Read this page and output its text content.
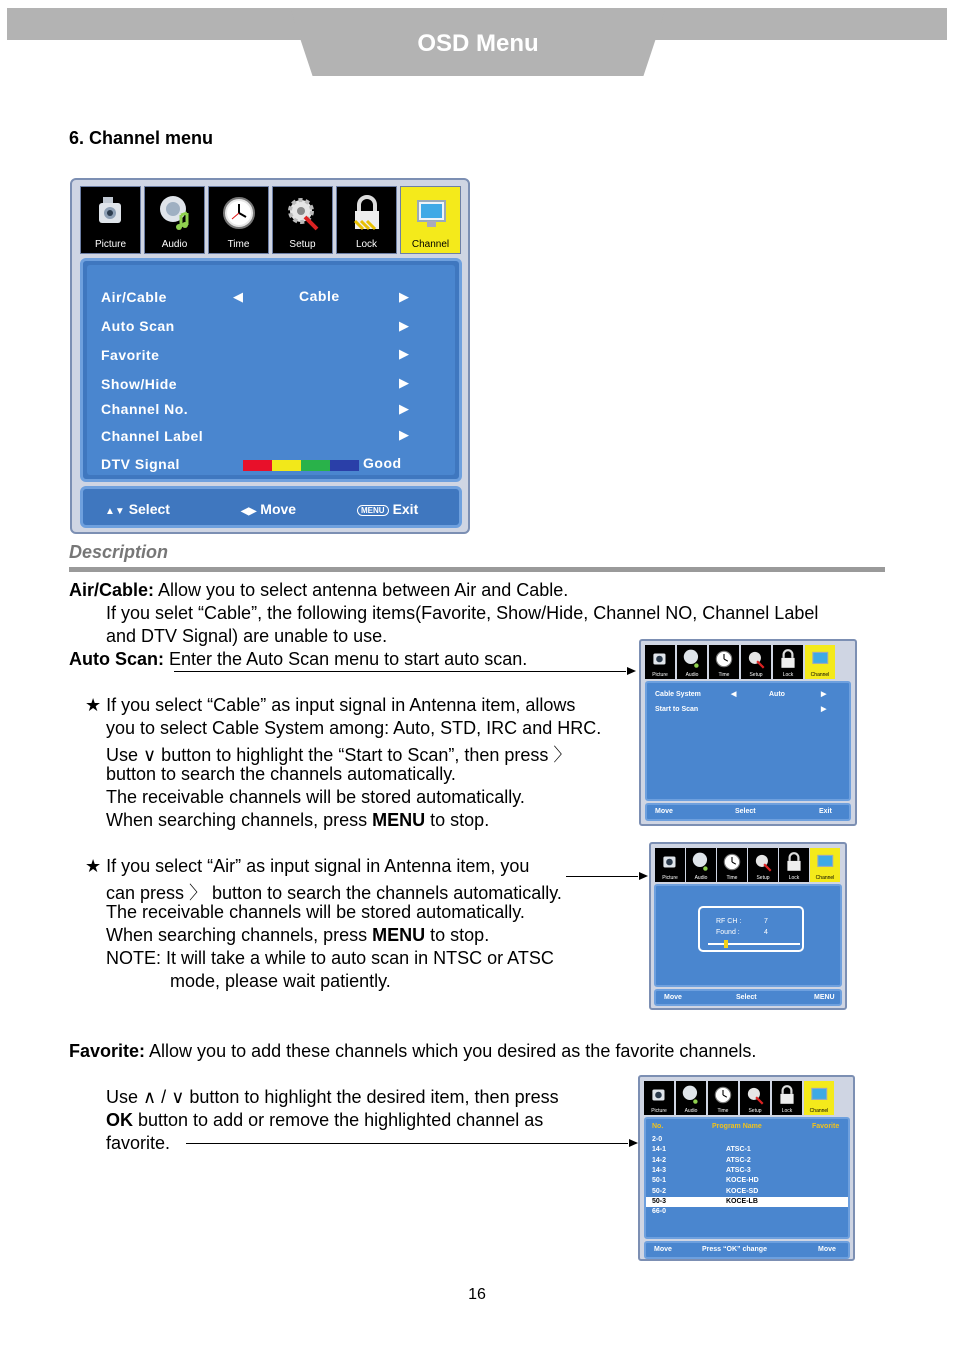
OSD Menu
6. Channel menu
Picture	Audio	Time	Setup	Lock	Channel
Air/Cable	◀	Cable	▶
Auto Scan	▶
Favorite	▶
Show/Hide	▶
Channel No.	▶
Channel Label	▶
DTV Signal	Good
▲▼ Select	◀▶ Move	MENU Exit
Description
Air/Cable: Allow you to select antenna between Air and Cable.
If you selet “Cable”, the following items(Favorite, Show/Hide, Channel NO, Channel Label
and DTV Signal) are unable to use.
Auto Scan: Enter the Auto Scan menu to start auto scan.
★ If you select “Cable” as input signal in Antenna item, allows
you to select Cable System among: Auto, STD, IRC and HRC.
Use ∨ button to highlight the “Start to Scan”, then press 〉
button to search the channels automatically.
The receivable channels will be stored automatically.
When searching channels, press MENU to stop.
Picture	Audio	Time	Setup	Lock	Channel
Cable System	◀	Auto	▶
Start to Scan	▶
Move	Select	Exit
★ If you select “Air” as input signal in Antenna item, you
can press 〉 button to search the channels automatically.
The receivable channels will be stored automatically.
When searching channels, press MENU to stop.
NOTE: It will take a while to auto scan in NTSC or ATSC
mode, please wait patiently.
Picture	Audio	Time	Setup	Lock	Channel
RF CH :	7
Found :	4
Move	Select	MENU
Favorite: Allow you to add these channels which you desired as the favorite channels.
Use ∧ / ∨ button to highlight the desired item, then press
OK button to add or remove the highlighted channel as
favorite.
Picture	Audio	Time	Setup	Lock	Channel
No.	Program Name	Favorite
2-0
14-1	ATSC-1
14-2	ATSC-2
14-3	ATSC-3
50-1	KOCE-HD
50-2	KOCE-SD
50-3	KOCE-LB
66-0
Move	Press “OK” change	Move
16
